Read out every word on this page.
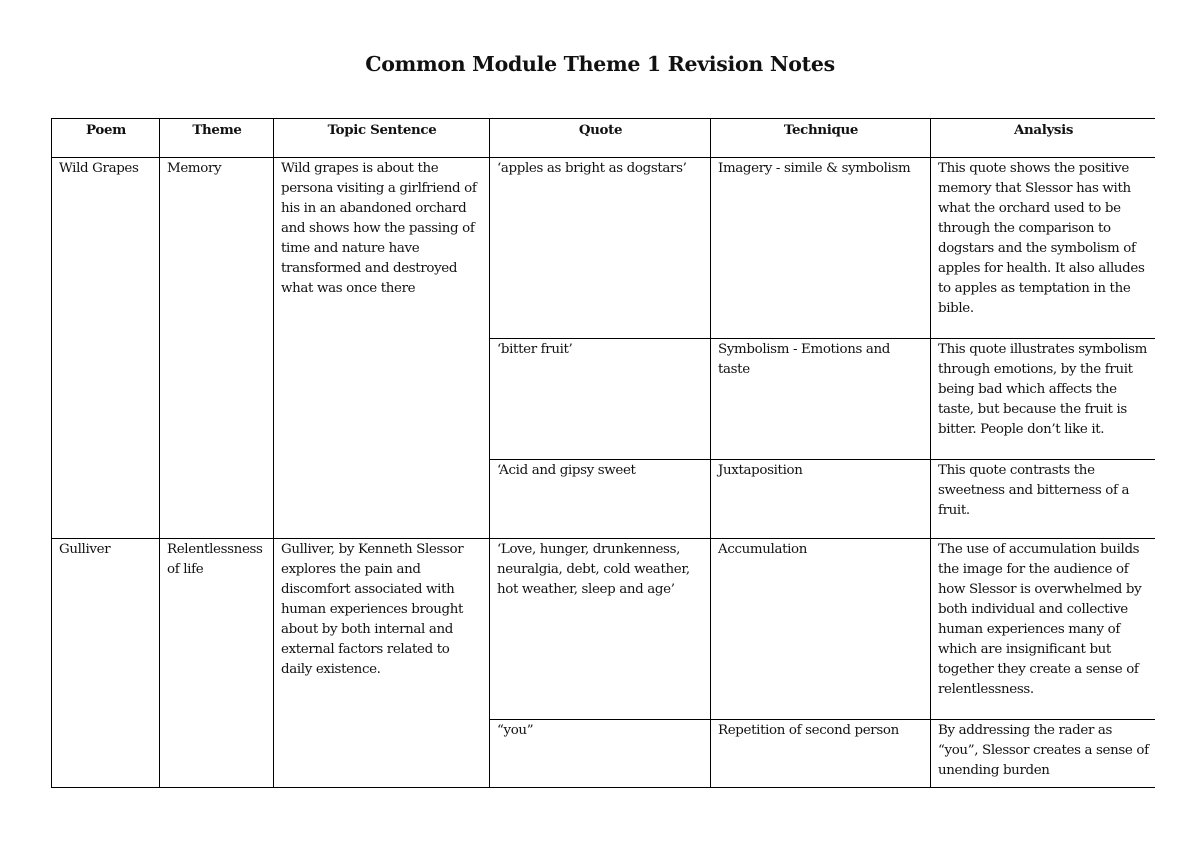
Common Module Theme 1 Revision Notes
Poem	Theme	Topic Sentence	Quote	Technique	Analysis
Wild Grapes	Memory	Wild grapes is about the persona visiting a girlfriend of his in an abandoned orchard and shows how the passing of time and nature have transformed and destroyed what was once there	‘apples as bright as dogstars’	Imagery - simile & symbolism	This quote shows the positive memory that Slessor has with what the orchard used to be through the comparison to dogstars and the symbolism of apples for health. It also alludes to apples as temptation in the bible.
			‘bitter fruit’	Symbolism - Emotions and taste	This quote illustrates symbolism through emotions, by the fruit being bad which affects the taste, but because the fruit is bitter. People don’t like it.
			‘Acid and gipsy sweet	Juxtaposition	This quote contrasts the sweetness and bitterness of a fruit.
Gulliver	Relentlessness of life	Gulliver, by Kenneth Slessor explores the pain and discomfort associated with human experiences brought about by both internal and external factors related to daily existence.	‘Love, hunger, drunkenness, neuralgia, debt, cold weather, hot weather, sleep and age’	Accumulation	The use of accumulation builds the image for the audience of how Slessor is overwhelmed by both individual and collective human experiences many of which are insignificant but together they create a sense of relentlessness.
			“you”	Repetition of second person	By addressing the rader as “you”, Slessor creates a sense of unending burden
